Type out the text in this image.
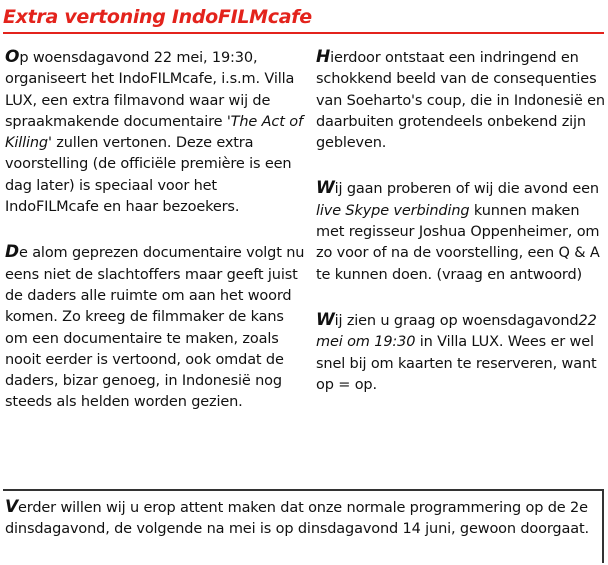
Extra vertoning IndoFILMcafe

Op woensdagavond 22 mei, 19:30, organiseert het IndoFILMcafe, i.s.m. Villa LUX, een extra filmavond waar wij de spraakmakende documentaire 'The Act of Killing' zullen vertonen. Deze extra voorstelling (de officiële première is een dag later) is speciaal voor het IndoFILMcafe en haar bezoekers.

De alom geprezen documentaire volgt nu eens niet de slachtoffers maar geeft juist de daders alle ruimte om aan het woord komen. Zo kreeg de filmmaker de kans om een documentaire te maken, zoals nooit eerder is vertoond, ook omdat de daders, bizar genoeg, in Indonesië nog steeds als helden worden gezien.

Hierdoor ontstaat een indringend en schokkend beeld van de consequenties van Soeharto's coup, die in Indonesië en daarbuiten grotendeels onbekend zijn gebleven.

Wij gaan proberen of wij die avond een live Skype verbinding kunnen maken met regisseur Joshua Oppenheimer, om zo voor of na de voorstelling, een Q & A te kunnen doen. (vraag en antwoord)

Wij zien u graag op woensdagavond22 mei om 19:30 in Villa LUX. Wees er wel snel bij om kaarten te reserveren, want op = op.

Verder willen wij u erop attent maken dat onze normale programmering op de 2e dinsdagavond, de volgende na mei is op dinsdagavond 14 juni, gewoon doorgaat.
